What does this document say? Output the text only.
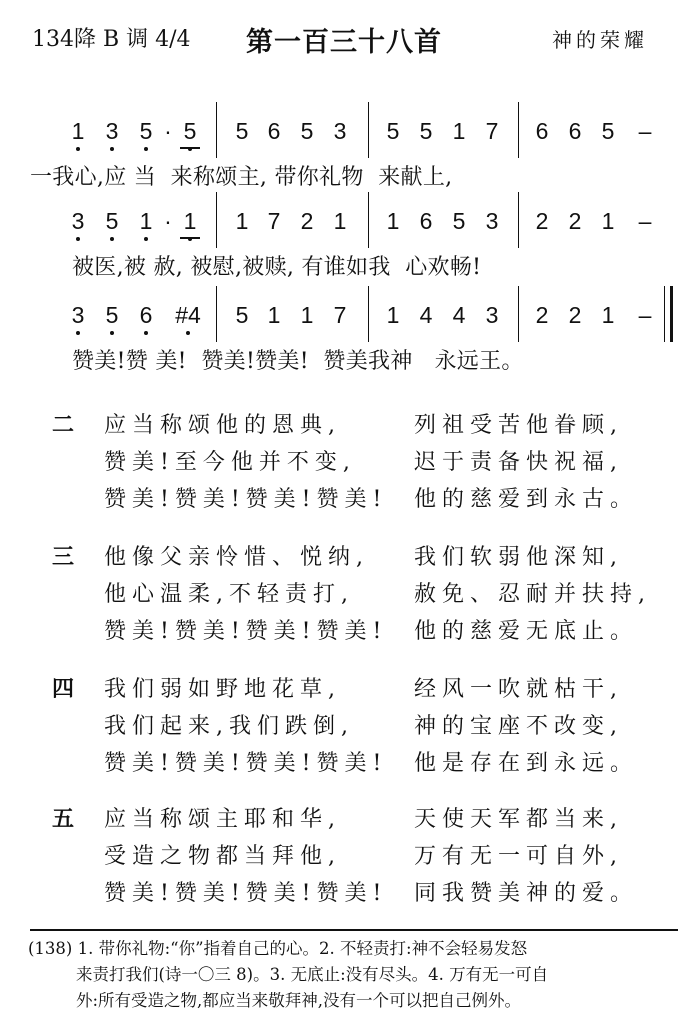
134降 B 调 4/4 第一百三十八首	神的荣耀
1 3 5 · 5 5 6 5 3 5 5 1 7 6 6 5 –
一我心,应 当  来称颂主, 带你礼物  来献上,
3 5 1 · 1 1 7 2 1 1 6 5 3 2 2 1 –
被医,被 赦, 被慰,被赎, 有谁如我  心欢畅!
3 5 6 #4 5 1 1 7 1 4 4 3 2 2 1 –
赞美!赞 美!  赞美!赞美!  赞美我神   永远王。
二 应当称颂他的恩典,	列祖受苦他眷顾,
赞美!至今他并不变,	迟于责备快祝福,
赞美!赞美!赞美!赞美! 他的慈爱到永古。
三 他像父亲怜惜、悦纳, 我们软弱他深知,
他心温柔,不轻责打,	赦免、忍耐并扶持,
赞美!赞美!赞美!赞美! 他的慈爱无底止。
四 我们弱如野地花草,	经风一吹就枯干,
我们起来,我们跌倒,	神的宝座不改变,
赞美!赞美!赞美!赞美! 他是存在到永远。
五 应当称颂主耶和华,	天使天军都当来,
受造之物都当拜他,	万有无一可自外,
赞美!赞美!赞美!赞美! 同我赞美神的爱。
(138) 1. 带你礼物:“你”指着自己的心。2. 不轻责打:神不会轻易发怒
来责打我们(诗一〇三 8)。3. 无底止:没有尽头。4. 万有无一可自
外:所有受造之物,都应当来敬拜神,没有一个可以把自己例外。
